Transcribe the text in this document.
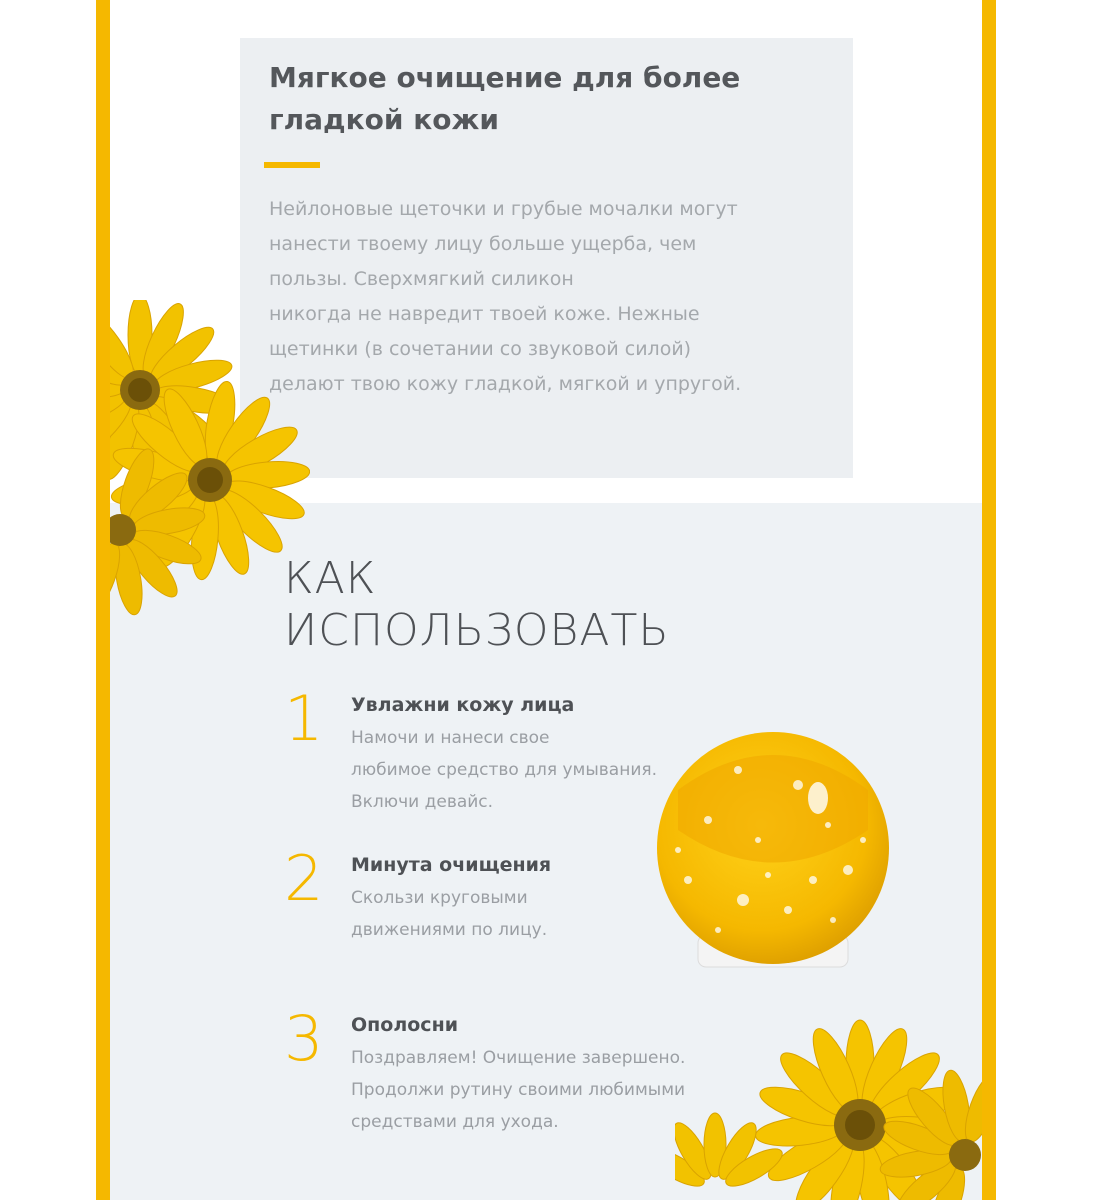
Мягкое очищение для более гладкой кожи

Нейлоновые щеточки и грубые мочалки могут
нанести твоему лицу больше ущерба, чем
пользы. Сверхмягкий силикон
никогда не навредит твоей коже. Нежные
щетинки (в сочетании со звуковой силой)
делают твою кожу гладкой, мягкой и упругой.

КАК
ИСПОЛЬЗОВАТЬ
1	Увлажни кожу лица

Намочи и нанеси свое
любимое средство для умывания.
Включи девайс.

2	Минута очищения

Скользи круговыми
движениями по лицу.

3	Ополосни

Поздравляем! Очищение завершено.
Продолжи рутину своими любимыми
средствами для ухода.
